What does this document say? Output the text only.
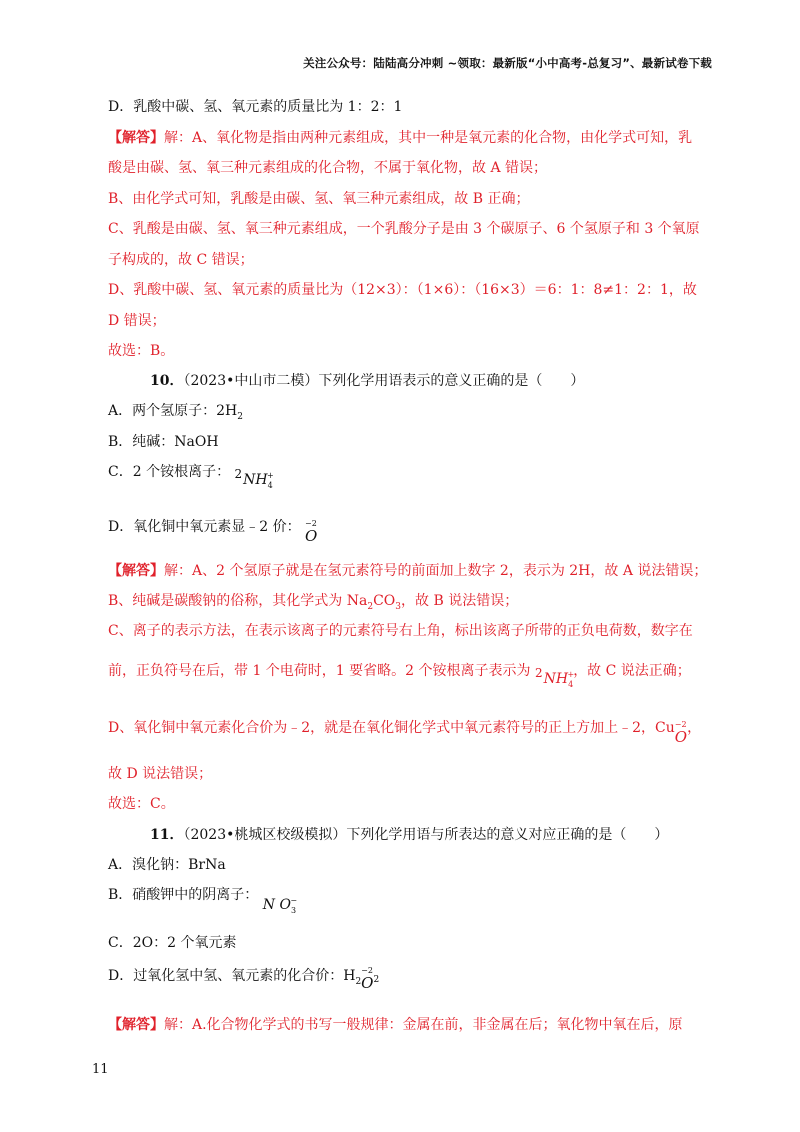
关注公众号：陆陆高分冲刺 ~领取：最新版“小中高考-总复习”、最新试卷下载
D．乳酸中碳、氢、氧元素的质量比为 1：2：1
【解答】解：A、氧化物是指由两种元素组成，其中一种是氧元素的化合物，由化学式可知，乳
酸是由碳、氢、氧三种元素组成的化合物，不属于氧化物，故 A 错误；
B、由化学式可知，乳酸是由碳、氢、氧三种元素组成，故 B 正确；
C、乳酸是由碳、氢、氧三种元素组成，一个乳酸分子是由 3 个碳原子、6 个氢原子和 3 个氧原
子构成的，故 C 错误；
D、乳酸中碳、氢、氧元素的质量比为（12×3）：（1×6）：（16×3）＝6：1：8≠1：2：1，故
D 错误；
故选：B。
10．（2023•中山市二模）下列化学用语表示的意义正确的是（　　）
A．两个氢原子：$2H_2$
B．纯碱：NaOH
C．2 个铵根离子： $2NH_4$
+
D．氧化铜中氧元素显﹣2 价： −2
O
【解答】解：A、2 个氢原子就是在氢元素符号的前面加上数字 2，表示为 2H，故 A 说法错误；
B、纯碱是碳酸钠的俗称，其化学式为 $Na_2CO_3$，故 B 说法错误；
C、离子的表示方法，在表示该离子的元素符号右上角，标出该离子所带的正负电荷数，数字在
前，正负符号在后，带 1 个电荷时，1 要省略。2 个铵根离子表示为 $2NH_4$
+ ，故 C 说法正确；
D、氧化铜中氧元素化合价为﹣2，就是在氧化铜化学式中氧元素符号的正上方加上﹣2，Cu −2
O，
故 D 说法错误；
故选：C。
11．（2023•桃城区校级模拟）下列化学用语与所表达的意义对应正确的是（　　）
A．溴化钠：BrNa
B．硝酸钾中的阴离子： N $O_3$
−
C．2O：2 个氧元素
D．过氧化氢中氢、氧元素的化合价：$H_2$
−2
$O_2$
【解答】解：A.化合物化学式的书写一般规律：金属在前，非金属在后；氧化物中氧在后，原
11
